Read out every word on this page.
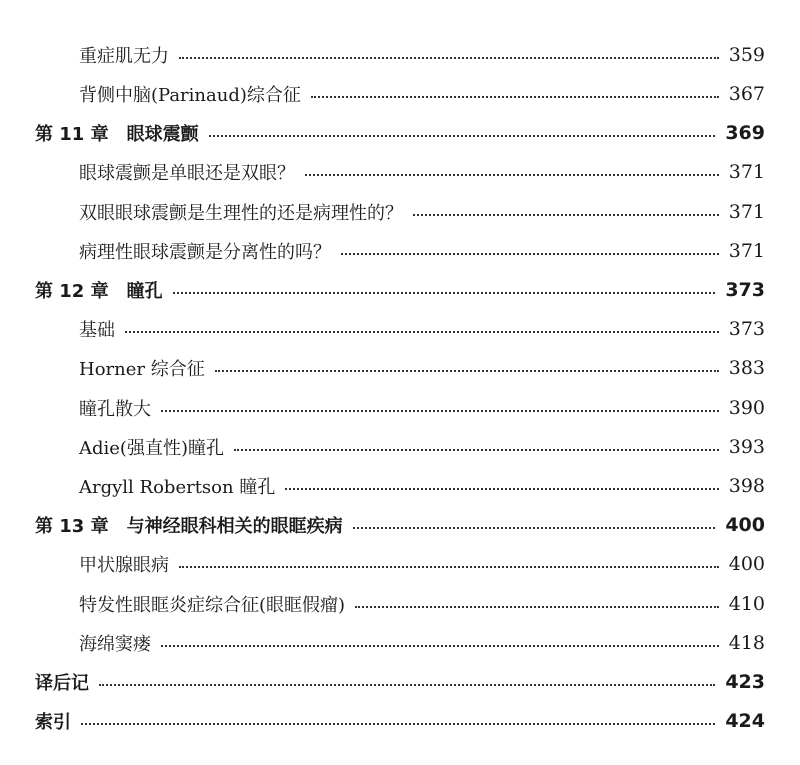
重症肌无力	359
背侧中脑(Parinaud)综合征	367
第 11 章 眼球震颤	369
眼球震颤是单眼还是双眼？	371
双眼眼球震颤是生理性的还是病理性的？	371
病理性眼球震颤是分离性的吗？	371
第 12 章 瞳孔	373
基础	373
Horner 综合征	383
瞳孔散大	390
Adie(强直性)瞳孔	393
Argyll Robertson 瞳孔	398
第 13 章 与神经眼科相关的眼眶疾病	400
甲状腺眼病	400
特发性眼眶炎症综合征(眼眶假瘤)	410
海绵窦瘘	418
译后记	423
索引	424
